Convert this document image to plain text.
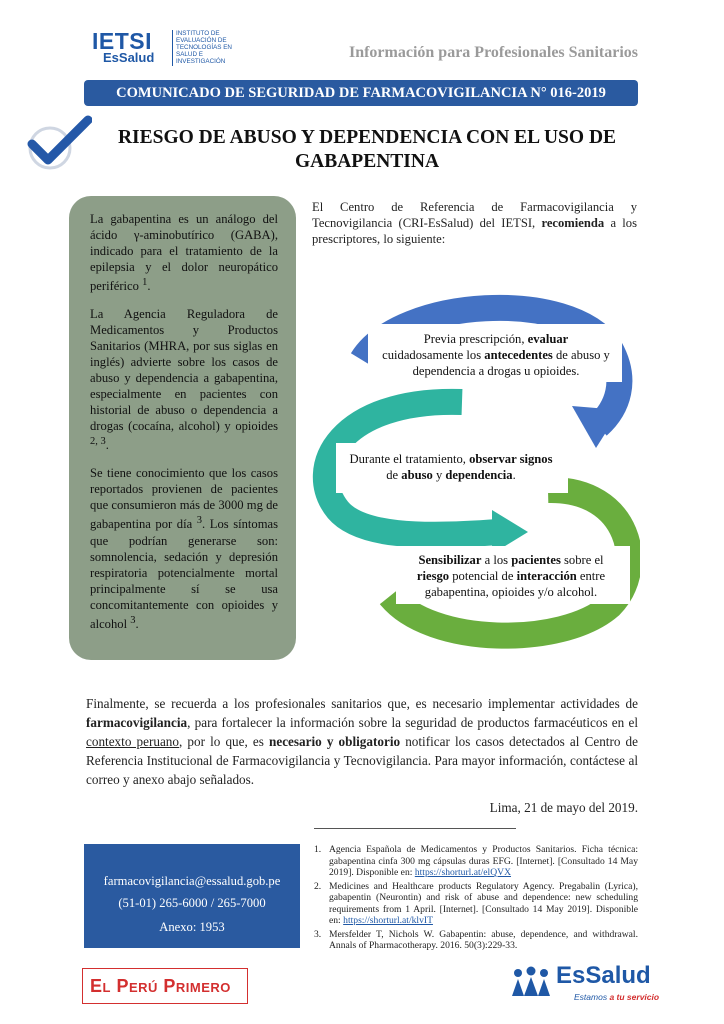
IETSI
EsSalud
INSTITUTO DE EVALUACIÓN DE TECNOLOGÍAS EN SALUD E INVESTIGACIÓN
Información para Profesionales Sanitarios
COMUNICADO DE SEGURIDAD DE FARMACOVIGILANCIA N° 016-2019
RIESGO DE ABUSO Y DEPENDENCIA CON EL USO DE
GABAPENTINA

La gabapentina es un análogo del ácido γ-aminobutírico (GABA), indicado para el tratamiento de la epilepsia y el dolor neuropático periférico $^1$.

La Agencia Reguladora de Medicamentos y Productos Sanitarios (MHRA, por sus siglas en inglés) advierte sobre los casos de abuso y dependencia a gabapentina, especialmente en pacientes con historial de abuso o dependencia a drogas (cocaína, alcohol) y opioides $^{2, 3}$.

Se tiene conocimiento que los casos reportados provienen de pacientes que consumieron más de 3000 mg de gabapentina por día $^3$. Los síntomas que podrían generarse son: somnolencia, sedación y depresión respiratoria potencialmente mortal principalmente sí se usa concomitantemente con opioides y alcohol $^3$.

El Centro de Referencia de Farmacovigilancia y Tecnovigilancia (CRI-EsSalud) del IETSI, recomienda a los prescriptores, lo siguiente:
Previa prescripción, evaluar
cuidadosamente los antecedentes de abuso y dependencia a drogas u opioides.
Durante el tratamiento, observar signos
de abuso y dependencia.
Sensibilizar a los pacientes sobre el
riesgo potencial de interacción entre gabapentina, opioides y/o alcohol.
Finalmente, se recuerda a los profesionales sanitarios que, es necesario implementar actividades de farmacovigilancia, para fortalecer la información sobre la seguridad de productos farmacéuticos en el contexto peruano, por lo que, es necesario y obligatorio notificar los casos detectados al Centro de Referencia Institucional de Farmacovigilancia y Tecnovigilancia. Para mayor información, contáctese al correo y anexo abajo señalados.
Lima, 21 de mayo del 2019.
farmacovigilancia@essalud.gob.pe
(51-01) 265-6000 / 265-7000
Anexo: 1953
1. Agencia Española de Medicamentos y Productos Sanitarios. Ficha técnica: gabapentina cinfa 300 mg cápsulas duras EFG. [Internet]. [Consultado 14 May 2019]. Disponible en: https://shorturl.at/elQVX
2. Medicines and Healthcare products Regulatory Agency. Pregabalin (Lyrica), gabapentin (Neurontin) and risk of abuse and dependence: new scheduling requirements from 1 April. [Internet]. [Consultado 14 May 2019]. Disponible en: https://shorturl.at/klvIT
3. Mersfelder T, Nichols W. Gabapentin: abuse, dependence, and withdrawal. Annals of Pharmacotherapy. 2016. 50(3):229-33.
El Perú Primero	EsSalud
Estamos a tu servicio
